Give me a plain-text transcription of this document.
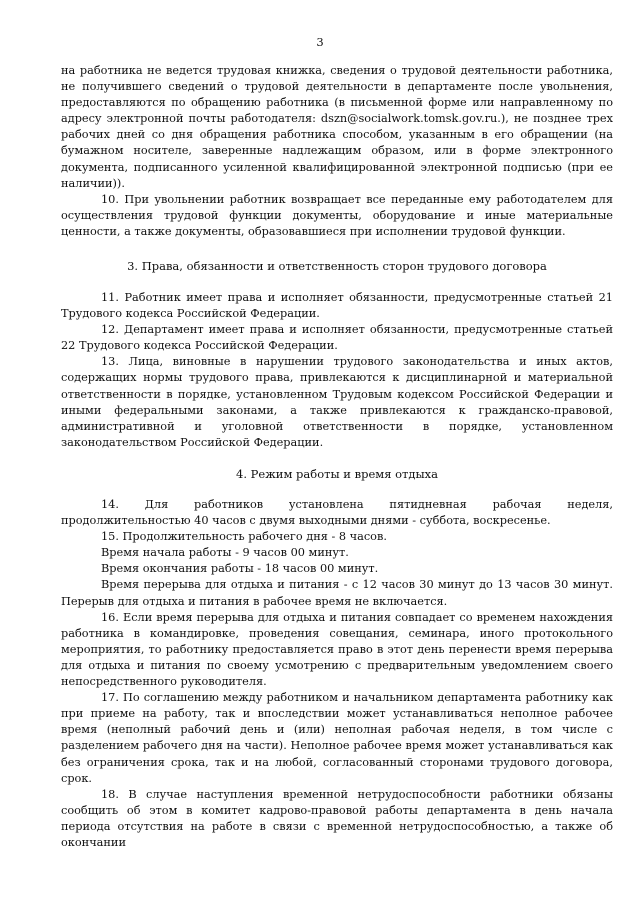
3

на работника не ведется трудовая книжка, сведения о трудовой деятельности работника, не получившего сведений о трудовой деятельности в департаменте после увольнения, предоставляются по обращению работника (в письменной форме или направленному по адресу электронной почты работодателя: dszn@socialwork.tomsk.gov.ru.), не позднее трех рабочих дней со дня обращения работника способом, указанным в его обращении (на бумажном носителе, заверенные надлежащим образом, или в форме электронного документа, подписанного усиленной квалифицированной электронной подписью (при ее наличии)).

10. При увольнении работник возвращает все переданные ему работодателем для осуществления трудовой функции документы, оборудование и иные материальные ценности, а также документы, образовавшиеся при исполнении трудовой функции.

3. Права, обязанности и ответственность сторон трудового договора

11. Работник имеет права и исполняет обязанности, предусмотренные статьей 21 Трудового кодекса Российской Федерации.

12. Департамент имеет права и исполняет обязанности, предусмотренные статьей 22 Трудового кодекса Российской Федерации.

13. Лица, виновные в нарушении трудового законодательства и иных актов, содержащих нормы трудового права, привлекаются к дисциплинарной и материальной ответственности в порядке, установленном Трудовым кодексом Российской Федерации и иными федеральными законами, а также привлекаются к гражданско-правовой, административной и уголовной ответственности в порядке, установленном законодательством Российской Федерации.

4. Режим работы и время отдыха

14. Для работников установлена пятидневная рабочая неделя, продолжительностью 40 часов с двумя выходными днями - суббота, воскресенье.

15. Продолжительность рабочего дня - 8 часов.

Время начала работы - 9 часов 00 минут.

Время окончания работы - 18 часов 00 минут.

Время перерыва для отдыха и питания - с 12 часов 30 минут до 13 часов 30 минут. Перерыв для отдыха и питания в рабочее время не включается.

16. Если время перерыва для отдыха и питания совпадает со временем нахождения работника в командировке, проведения совещания, семинара, иного протокольного мероприятия, то работнику предоставляется право в этот день перенести время перерыва для отдыха и питания по своему усмотрению с предварительным уведомлением своего непосредственного руководителя.

17. По соглашению между работником и начальником департамента работнику как при приеме на работу, так и впоследствии может устанавливаться неполное рабочее время (неполный рабочий день и (или) неполная рабочая неделя, в том числе с разделением рабочего дня на части). Неполное рабочее время может устанавливаться как без ограничения срока, так и на любой, согласованный сторонами трудового договора, срок.

18. В случае наступления временной нетрудоспособности работники обязаны сообщить об этом в комитет кадрово-правовой работы департамента в день начала периода отсутствия на работе в связи с временной нетрудоспособностью, а также об окончании
